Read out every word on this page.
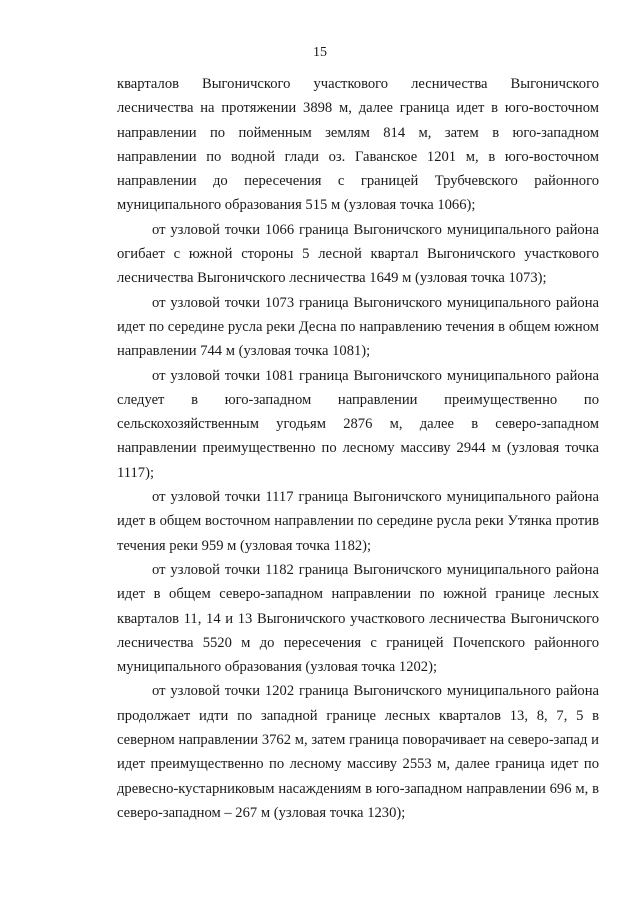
15

кварталов Выгоничского участкового лесничества Выгоничского лесничества на протяжении 3898 м, далее граница идет в юго-восточном направлении по пойменным землям 814 м, затем в юго-западном направлении по водной глади оз. Гаванское 1201 м, в юго-восточном направлении до пересечения с границей Трубчевского районного муниципального образования 515 м (узловая точка 1066);

от узловой точки 1066 граница Выгоничского муниципального района огибает с южной стороны 5 лесной квартал Выгоничского участкового лесничества Выгоничского лесничества 1649 м (узловая точка 1073);

от узловой точки 1073 граница Выгоничского муниципального района идет по середине русла реки Десна по направлению течения в общем южном направлении 744 м (узловая точка 1081);

от узловой точки 1081 граница Выгоничского муниципального района следует в юго-западном направлении преимущественно по сельскохозяйственным угодьям 2876 м, далее в северо-западном направлении преимущественно по лесному массиву 2944 м (узловая точка 1117);

от узловой точки 1117 граница Выгоничского муниципального района идет в общем восточном направлении по середине русла реки Утянка против течения реки 959 м (узловая точка 1182);

от узловой точки 1182 граница Выгоничского муниципального района идет в общем северо-западном направлении по южной границе лесных кварталов 11, 14 и 13 Выгоничского участкового лесничества Выгоничского лесничества 5520 м до пересечения с границей Почепского районного муниципального образования (узловая точка 1202);

от узловой точки 1202 граница Выгоничского муниципального района продолжает идти по западной границе лесных кварталов 13, 8, 7, 5 в северном направлении 3762 м, затем граница поворачивает на северо-запад и идет преимущественно по лесному массиву 2553 м, далее граница идет по древесно-кустарниковым насаждениям в юго-западном направлении 696 м, в северо-западном – 267 м (узловая точка 1230);
